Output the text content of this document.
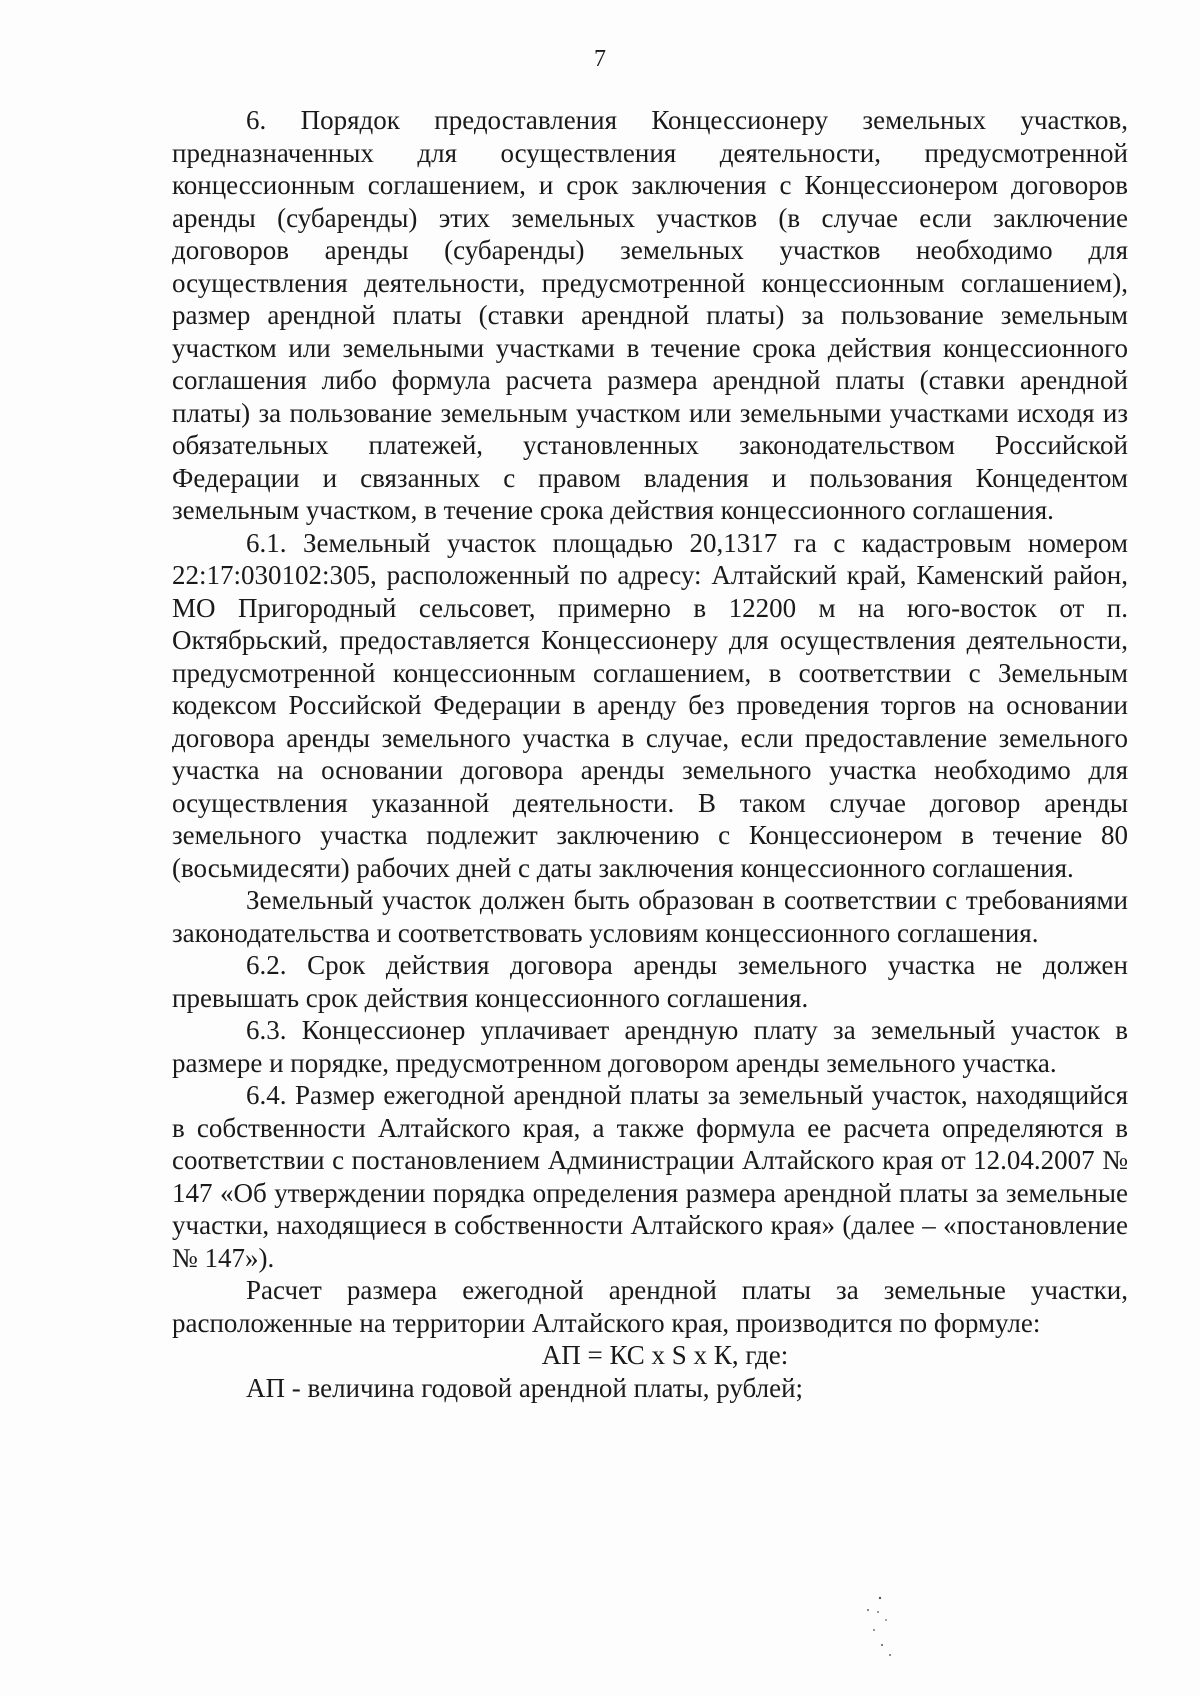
7

6. Порядок предоставления Концессионеру земельных участков, предназначенных для осуществления деятельности, предусмотренной концессионным соглашением, и срок заключения с Концессионером договоров аренды (субаренды) этих земельных участков (в случае если заключение договоров аренды (субаренды) земельных участков необходимо для осуществления деятельности, предусмотренной концессионным соглашением), размер арендной платы (ставки арендной платы) за пользование земельным участком или земельными участками в течение срока действия концессионного соглашения либо формула расчета размера арендной платы (ставки арендной платы) за пользование земельным участком или земельными участками исходя из обязательных платежей, установленных законодательством Российской Федерации и связанных с правом владения и пользования Концедентом земельным участком, в течение срока действия концессионного соглашения.

6.1. Земельный участок площадью 20,1317 га с кадастровым номером 22:17:030102:305, расположенный по адресу: Алтайский край, Каменский район, МО Пригородный сельсовет, примерно в 12200 м на юго-восток от п. Октябрьский, предоставляется Концессионеру для осуществления деятельности, предусмотренной концессионным соглашением, в соответствии с Земельным кодексом Российской Федерации в аренду без проведения торгов на основании договора аренды земельного участка в случае, если предоставление земельного участка на основании договора аренды земельного участка необходимо для осуществления указанной деятельности. В таком случае договор аренды земельного участка подлежит заключению с Концессионером в течение 80 (восьмидесяти) рабочих дней с даты заключения концессионного соглашения.

Земельный участок должен быть образован в соответствии с требованиями законодательства и соответствовать условиям концессионного соглашения.

6.2. Срок действия договора аренды земельного участка не должен превышать срок действия концессионного соглашения.

6.3. Концессионер уплачивает арендную плату за земельный участок в размере и порядке, предусмотренном договором аренды земельного участка.

6.4. Размер ежегодной арендной платы за земельный участок, находящийся в собственности Алтайского края, а также формула ее расчета определяются в соответствии с постановлением Администрации Алтайского края от 12.04.2007 № 147 «Об утверждении порядка определения размера арендной платы за земельные участки, находящиеся в собственности Алтайского края» (далее – «постановление № 147»).

Расчет размера ежегодной арендной платы за земельные участки, расположенные на территории Алтайского края, производится по формуле:

АП = КС x S x К, где:

АП - величина годовой арендной платы, рублей;
